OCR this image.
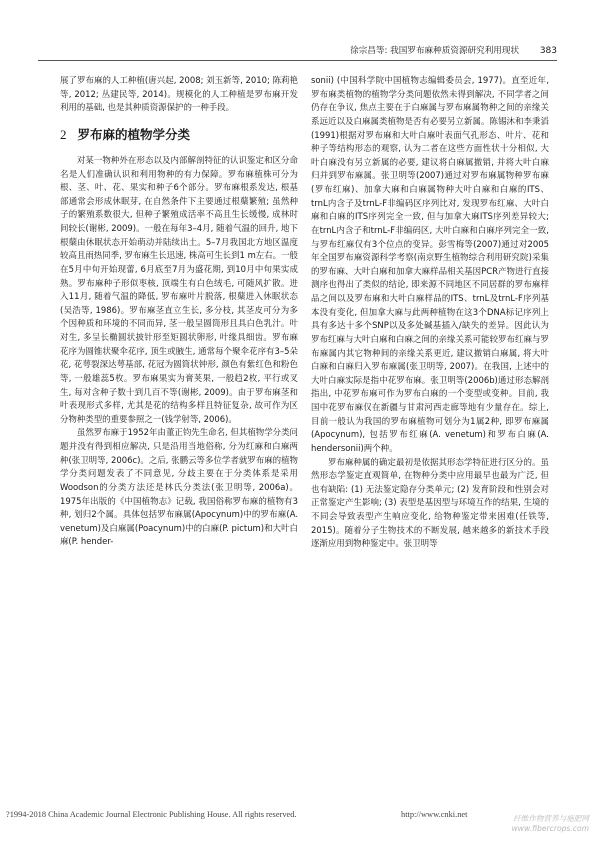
徐宗昌等: 我国罗布麻种质资源研究利用现状 383

展了罗布麻的人工种植(唐兴起, 2008; 刘玉新等, 2010; 陈莉艳等, 2012; 丛建民等, 2014)。规模化的人工种植是罗布麻开发利用的基础, 也是其种质资源保护的一种手段。

2 罗布麻的植物学分类

对某一物种外在形态以及内部解剖特征的认识鉴定和区分命名是人们准确认识和利用物种的有力保障。罗布麻植株可分为根、茎、叶、花、果实和种子6个部分。罗布麻根系发达, 根基部通常会形成休眠芽, 在自然条件下主要通过根蘖繁殖; 虽然种子的繁殖系数很大, 但种子繁殖成活率不高且生长缓慢, 成林时间较长(谢彬, 2009)。一般在每年3–4月, 随着气温的回升, 地下根蘖由休眠状态开始萌动并陆续出土。5–7月我国北方地区温度较高且雨热同季, 罗布麻生长迅速, 株高可生长到1 m左右。一般在5月中旬开始现蕾, 6月底至7月为盛花期, 到10月中旬果实成熟。罗布麻种子形似枣核, 顶端生有白色绒毛, 可随风扩散。进入11月, 随着气温的降低, 罗布麻叶片脱落, 根蘖进入休眠状态(吴浩等, 1986)。罗布麻茎直立生长, 多分枝, 其茎皮可分为多个因种质和环境的不同而异, 茎一般呈圆筒形且具白色乳汁。叶对生, 多呈长椭圆状披针形至矩圆状卵形, 叶缘具细齿。罗布麻花序为圆锥状聚伞花序, 顶生或腋生, 通常每个聚伞花序有3–5朵花, 花萼裂深达萼基部, 花冠为圆筒状钟形, 颜色有紫红色和粉色等, 一般雄蕊5枚。罗布麻果实为膏荚果, 一般趋2枚, 平行或叉生, 每对含种子数十到几百不等(谢彬, 2009)。由于罗布麻茎和叶表现形式多样, 尤其是花的结构多样且特征复杂, 故可作为区分物种类型的重要参照之一(钱学射等, 2006)。

虽然罗布麻于1952年由董正钧先生命名, 但其植物学分类问题并没有得到相应解决, 只是沿用当地俗称, 分为红麻和白麻两种(张卫明等, 2006c)。之后, 张鹏云等多位学者就罗布麻的植物学分类问题发表了不同意见, 分歧主要在于分类体系是采用Woodson的分类方法还是林氏分类法(张卫明等, 2006a)。1975年出版的《中国植物志》记载, 我国俗称罗布麻的植物有3种, 划归2个属。具体包括罗布麻属(Apocynum)中的罗布麻(A. venetum)及白麻属(Poacynum)中的白麻(P. pictum)和大叶白麻(P. hender-

sonii) (中国科学院中国植物志编辑委员会, 1977)。直至近年, 罗布麻类植物的植物学分类问题依然未得到解决, 不同学者之间仍存在争议, 焦点主要在于白麻属与罗布麻属物种之间的亲缘关系远近以及白麻属类植物是否有必要另立新属。陈锡沐和李秉滔(1991)根据对罗布麻和大叶白麻叶表面气孔形态、叶片、花和种子等结构形态的观察, 认为二者在这些方面性状十分相似, 大叶白麻没有另立新属的必要, 建议将白麻属撤销, 并将大叶白麻归并到罗布麻属。张卫明等(2007)通过对罗布麻属物种罗布麻(罗布红麻)、加拿大麻和白麻属物种大叶白麻和白麻的ITS、trnL内含子及trnL-F非编码区序列比对, 发现罗布红麻、大叶白麻和白麻的ITS序列完全一致, 但与加拿大麻ITS序列差异较大; 在trnL内含子和trnL-F非编码区, 大叶白麻和白麻序列完全一致, 与罗布红麻仅有3个位点的变异。彭雪梅等(2007)通过对2005年全国罗布麻资源科学考察(南京野生植物综合利用研究院)采集的罗布麻、大叶白麻和加拿大麻样品相关基因PCR产物进行直接测序也得出了类似的结论, 即来源不同地区不同居群的罗布麻样品之间以及罗布麻和大叶白麻样品的ITS、trnL及trnL-F序列基本没有变化, 但加拿大麻与此两种植物在这3个DNA标记序列上具有多达十多个SNP以及多处碱基插入/缺失的差异。因此认为罗布红麻与大叶白麻和白麻之间的亲缘关系可能较罗布红麻与罗布麻属内其它物种间的亲缘关系更近, 建议撤销白麻属, 将大叶白麻和白麻归入罗布麻属(张卫明等, 2007)。在我国, 上述中的大叶白麻实际是指中花罗布麻。张卫明等(2006b)通过形态解剖指出, 中花罗布麻可作为罗布白麻的一个变型或变种。目前, 我国中花罗布麻仅在新疆与甘肃河西走廊等地有少量存在。综上, 目前一般认为我国的罗布麻植物可划分为1属2种, 即罗布麻属(Apocynum), 包括罗布红麻(A. venetum)和罗布白麻(A. hendersonii)两个种。

罗布麻种属的确定最初是依据其形态学特征进行区分的。虽然形态学鉴定直观简单, 在物种分类中应用最早也最为广泛, 但也有缺陷: (1) 无法鉴定隐存分类单元; (2) 发育阶段和性别会对正常鉴定产生影响; (3) 表型是基因型与环境互作的结果, 生境的不同会导致表型产生响应变化, 给物种鉴定带来困难(任铁等, 2015)。随着分子生物技术的不断发展, 越来越多的新技术手段逐渐应用到物种鉴定中。张卫明等

?1994-2018 China Academic Journal Electronic Publishing House. All rights reserved.	http://www.cnki.net	纤维作物营养与施肥网
www.fibercrops.com
